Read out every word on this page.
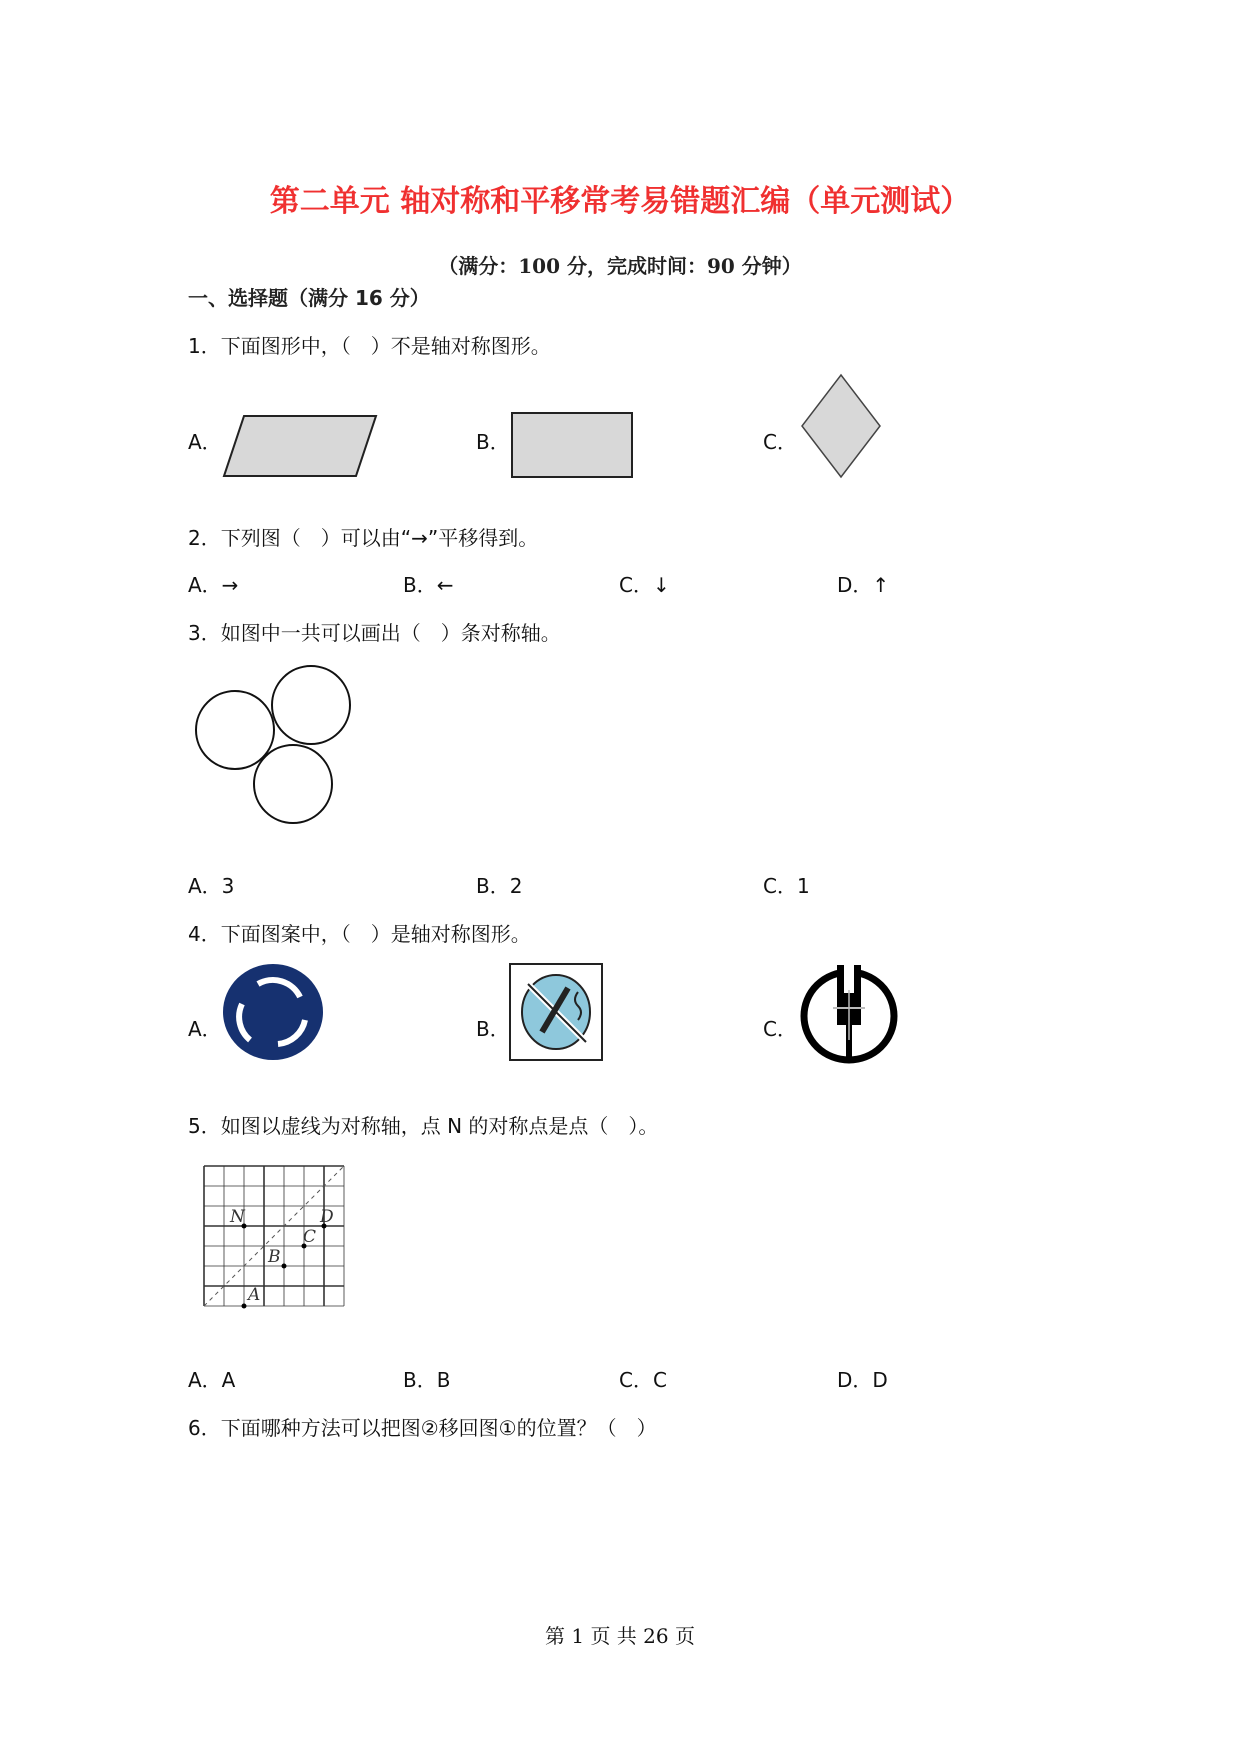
第二单元 轴对称和平移常考易错题汇编（单元测试）
（满分：100 分，完成时间：90 分钟）
一、选择题（满分 16 分）
1．下面图形中，（　）不是轴对称图形。
A．	B．	C．
2．下列图（　）可以由“→”平移得到。
A．→	B．←	C．↓	D．↑
3．如图中一共可以画出（　）条对称轴。
A．3	B．2	C．1
4．下面图案中，（　）是轴对称图形。
A．	B．	C．
5．如图以虚线为对称轴，点 N 的对称点是点（　）。
N	D
C
B
A
A．A	B．B	C．C	D．D
6．下面哪种方法可以把图②移回图①的位置？（　）
第 1 页 共 26 页
